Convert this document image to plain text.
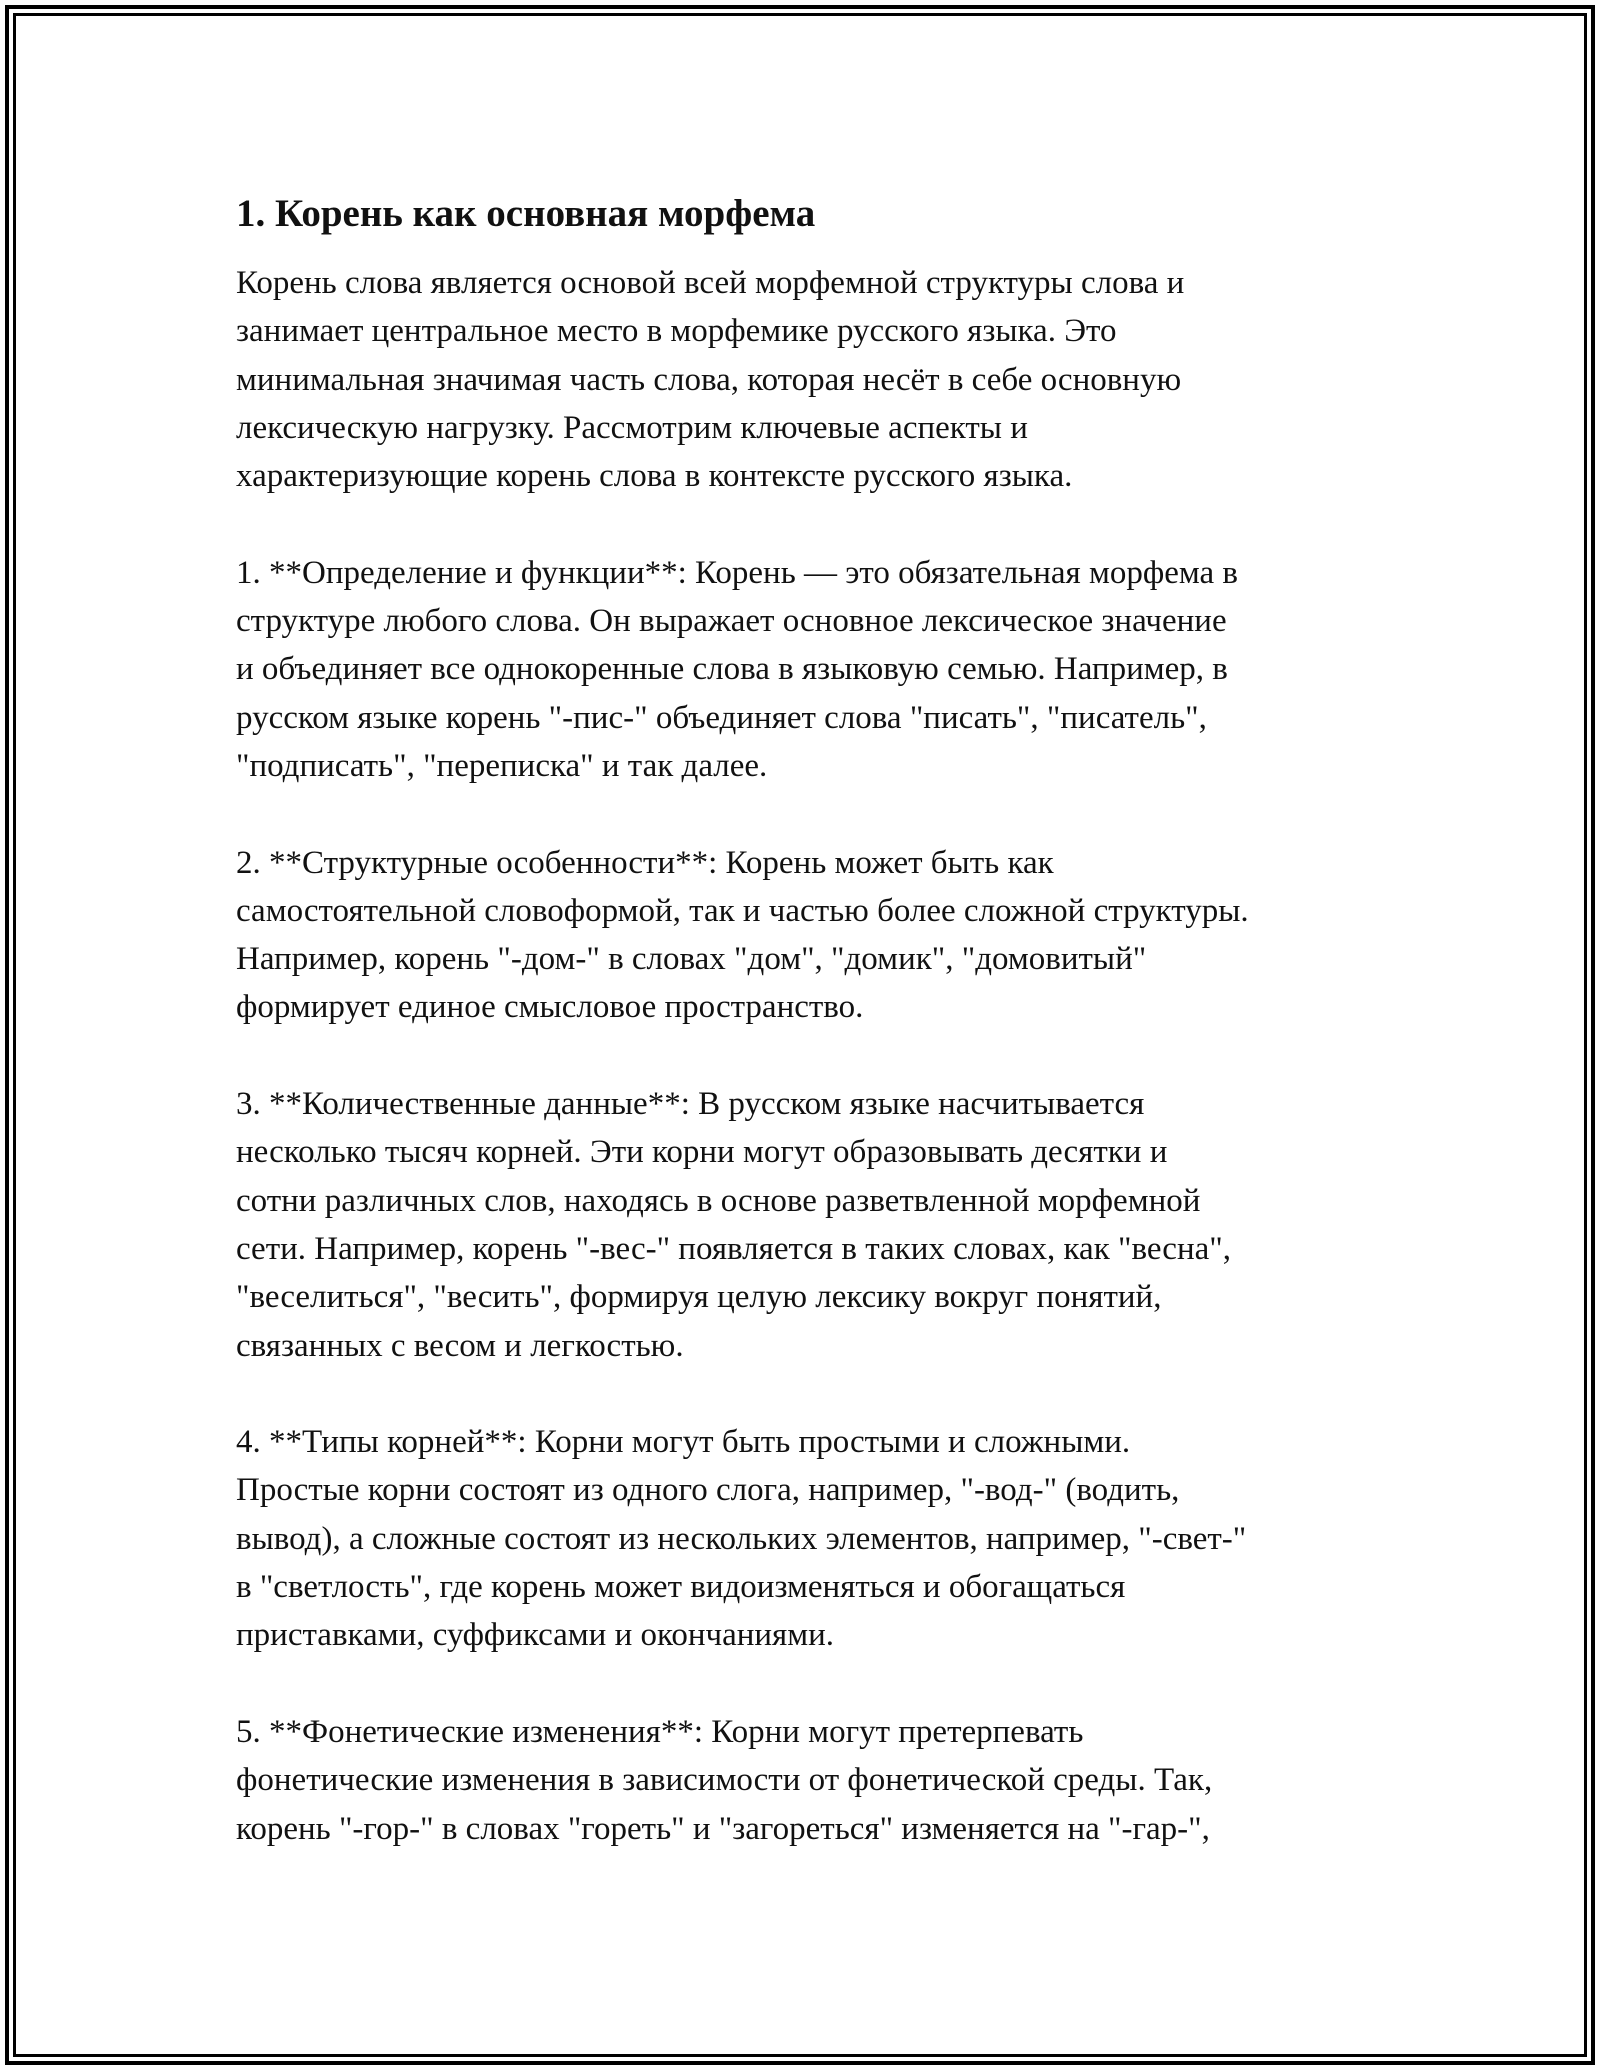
1. Корень как основная морфема

Корень слова является основой всей морфемной структуры слова и
занимает центральное место в морфемике русского языка. Это
минимальная значимая часть слова, которая несёт в себе основную
лексическую нагрузку. Рассмотрим ключевые аспекты и
характеризующие корень слова в контексте русского языка.

1. **Определение и функции**: Корень — это обязательная морфема в
структуре любого слова. Он выражает основное лексическое значение
и объединяет все однокоренные слова в языковую семью. Например, в
русском языке корень "-пис-" объединяет слова "писать", "писатель",
"подписать", "переписка" и так далее.

2. **Структурные особенности**: Корень может быть как
самостоятельной словоформой, так и частью более сложной структуры.
Например, корень "-дом-" в словах "дом", "домик", "домовитый"
формирует единое смысловое пространство.

3. **Количественные данные**: В русском языке насчитывается
несколько тысяч корней. Эти корни могут образовывать десятки и
сотни различных слов, находясь в основе разветвленной морфемной
сети. Например, корень "-вес-" появляется в таких словах, как "весна",
"веселиться", "весить", формируя целую лексику вокруг понятий,
связанных с весом и легкостью.

4. **Типы корней**: Корни могут быть простыми и сложными.
Простые корни состоят из одного слога, например, "-вод-" (водить,
вывод), а сложные состоят из нескольких элементов, например, "-свет-"
в "светлость", где корень может видоизменяться и обогащаться
приставками, суффиксами и окончаниями.

5. **Фонетические изменения**: Корни могут претерпевать
фонетические изменения в зависимости от фонетической среды. Так,
корень "-гор-" в словах "гореть" и "загореться" изменяется на "-гар-",
